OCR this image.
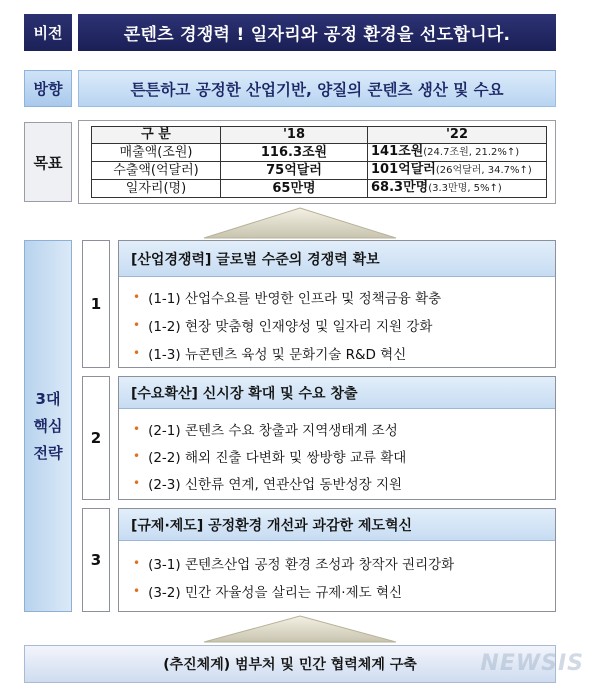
비전	콘텐츠 경쟁력 ! 일자리와 공정 환경을 선도합니다.
방향	튼튼하고 공정한 산업기반, 양질의 콘텐츠 생산 및 수요
목표
구 분	'18	'22
매출액(조원)	116.3조원	141조원(24.7조원, 21.2%↑)
수출액(억달러)	75억달러	101억달러(26억달러, 34.7%↑)
일자리(명)	65만명	68.3만명(3.3만명, 5%↑)
3대
핵심
전략
1
[산업경쟁력] 글로벌 수준의 경쟁력 확보
• (1-1) 산업수요를 반영한 인프라 및 정책금융 확충
• (1-2) 현장 맞춤형 인재양성 및 일자리 지원 강화
• (1-3) 뉴콘텐츠 육성 및 문화기술 R&D 혁신
2
[수요확산] 신시장 확대 및 수요 창출
• (2-1) 콘텐츠 수요 창출과 지역생태계 조성
• (2-2) 해외 진출 다변화 및 쌍방향 교류 확대
• (2-3) 신한류 연계, 연관산업 동반성장 지원
3
[규제·제도] 공정환경 개선과 과감한 제도혁신
• (3-1) 콘텐츠산업 공정 환경 조성과 창작자 권리강화
• (3-2) 민간 자율성을 살리는 규제·제도 혁신
(추진체계) 범부처 및 민간 협력체계 구축	NEWSIS
